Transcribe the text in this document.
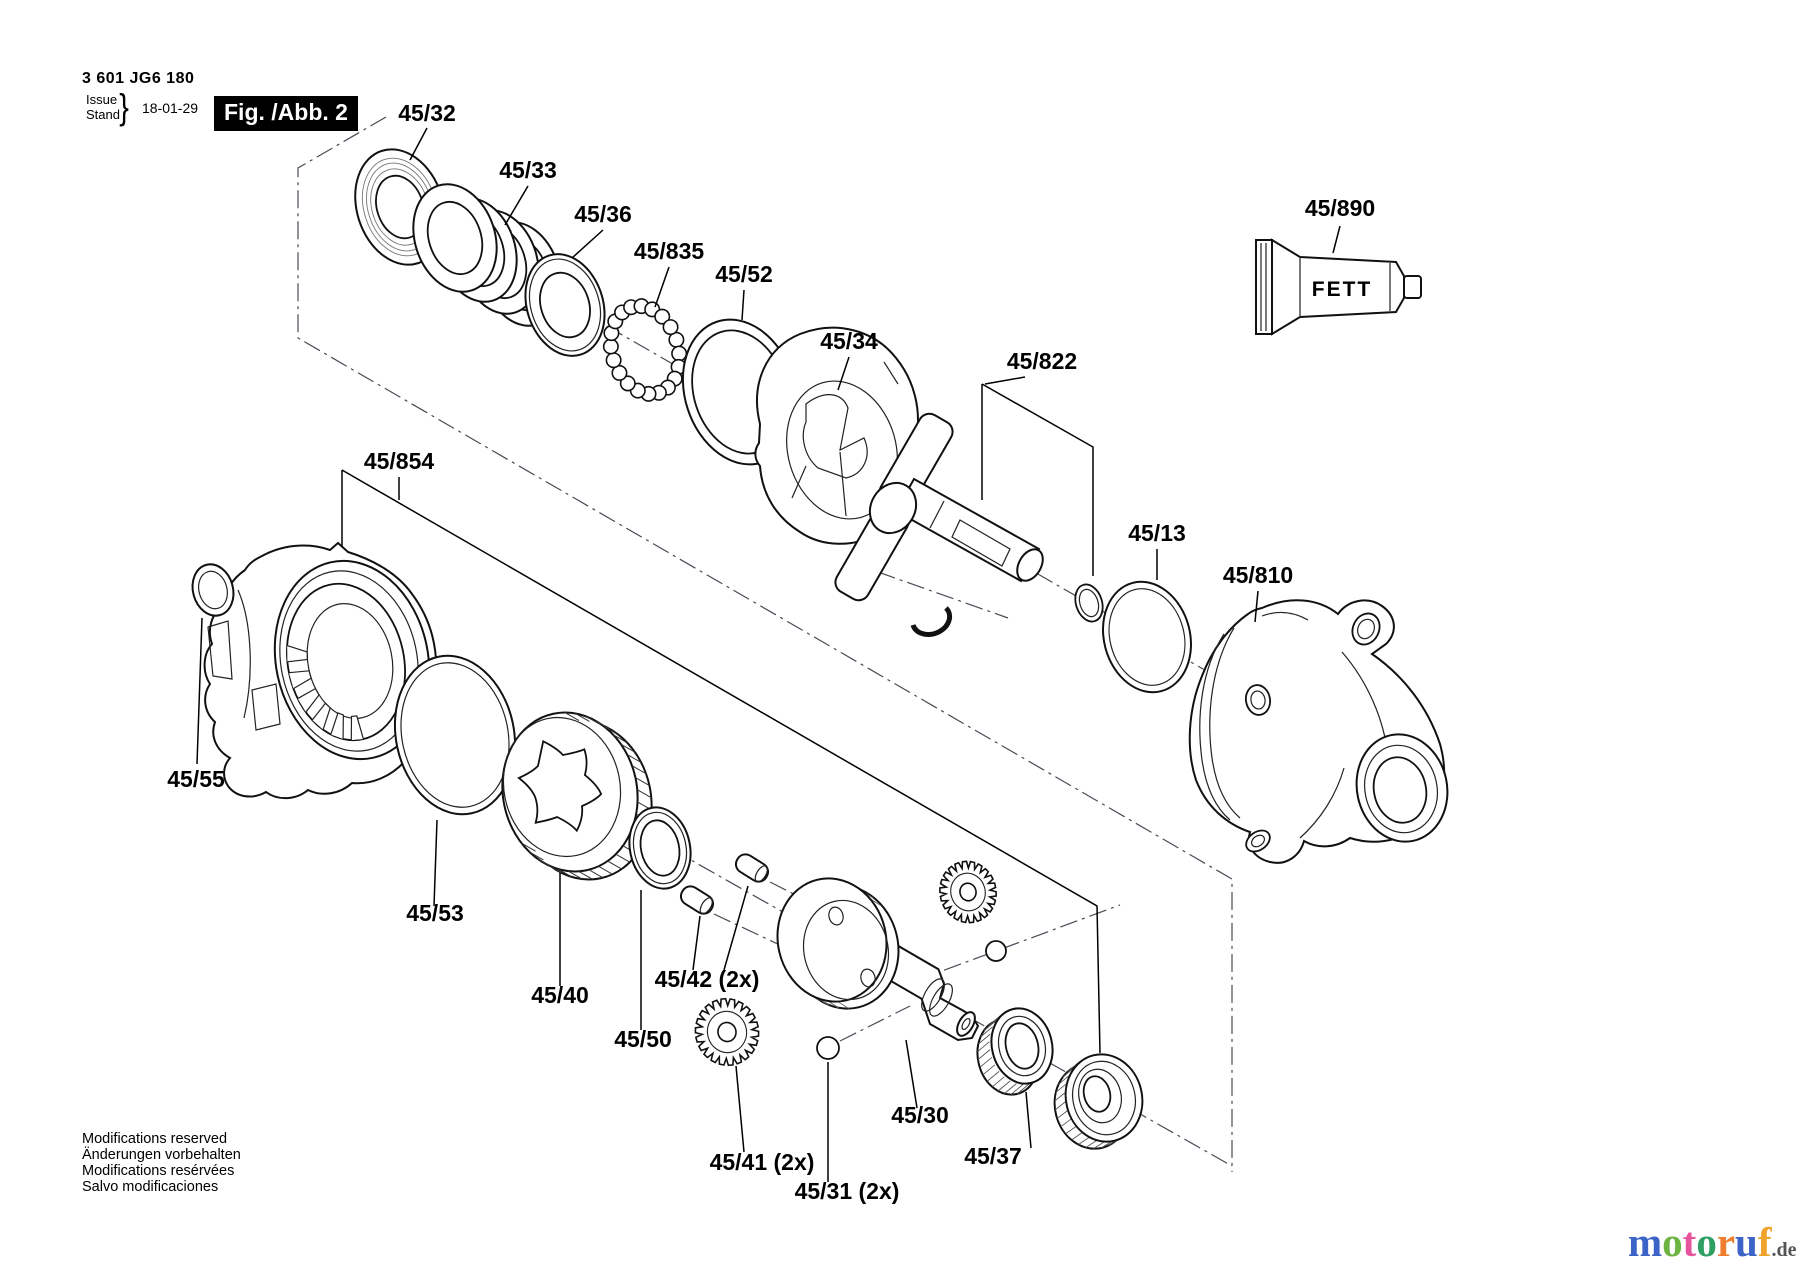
FETT
45/32
45/33
45/36
45/835
45/52
45/34
45/822
45/890
45/854
45/13
45/810
45/55
45/53
45/40
45/42 (2x)
45/50
45/41 (2x)
45/31 (2x)
45/30
45/37
3 601 JG6 180
Issue
Stand } 18-01-29	Fig. /Abb. 2
Modifications reserved
Änderungen vorbehalten
Modifications resérvées
Salvo modificaciones
motoruf.de
